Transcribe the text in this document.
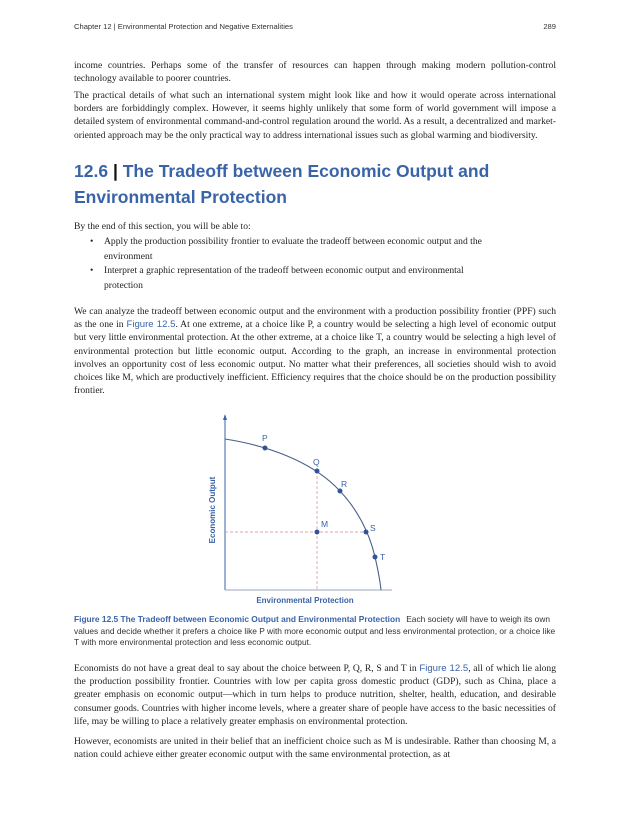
Chapter 12 | Environmental Protection and Negative Externalities	289

income countries. Perhaps some of the transfer of resources can happen through making modern pollution-control technology available to poorer countries.

The practical details of what such an international system might look like and how it would operate across international borders are forbiddingly complex. However, it seems highly unlikely that some form of world government will impose a detailed system of environmental command-and-control regulation around the world. As a result, a decentralized and market-oriented approach may be the only practical way to address international issues such as global warming and biodiversity.

12.6 | The Tradeoff between Economic Output and Environmental Protection

By the end of this section, you will be able to:

• Apply the production possibility frontier to evaluate the tradeoff between economic output and the environment
• Interpret a graphic representation of the tradeoff between economic output and environmental protection

We can analyze the tradeoff between economic output and the environment with a production possibility frontier (PPF) such as the one in Figure 12.5. At one extreme, at a choice like P, a country would be selecting a high level of economic output but very little environmental protection. At the other extreme, at a choice like T, a country would be selecting a high level of environmental protection but little economic output. According to the graph, an increase in environmental protection involves an opportunity cost of less economic output. No matter what their preferences, all societies should wish to avoid choices like M, which are productively inefficient. Efficiency requires that the choice should be on the production possibility frontier.

P
Q
R
S
T
M
Environmental Protection
Economic Output
Figure 12.5 The Tradeoff between Economic Output and Environmental Protection Each society will have to weigh its own values and decide whether it prefers a choice like P with more economic output and less environmental protection, or a choice like T with more environmental protection and less economic output.

Economists do not have a great deal to say about the choice between P, Q, R, S and T in Figure 12.5, all of which lie along the production possibility frontier. Countries with low per capita gross domestic product (GDP), such as China, place a greater emphasis on economic output—which in turn helps to produce nutrition, shelter, health, education, and desirable consumer goods. Countries with higher income levels, where a greater share of people have access to the basic necessities of life, may be willing to place a relatively greater emphasis on environmental protection.

However, economists are united in their belief that an inefficient choice such as M is undesirable. Rather than choosing M, a nation could achieve either greater economic output with the same environmental protection, as at
